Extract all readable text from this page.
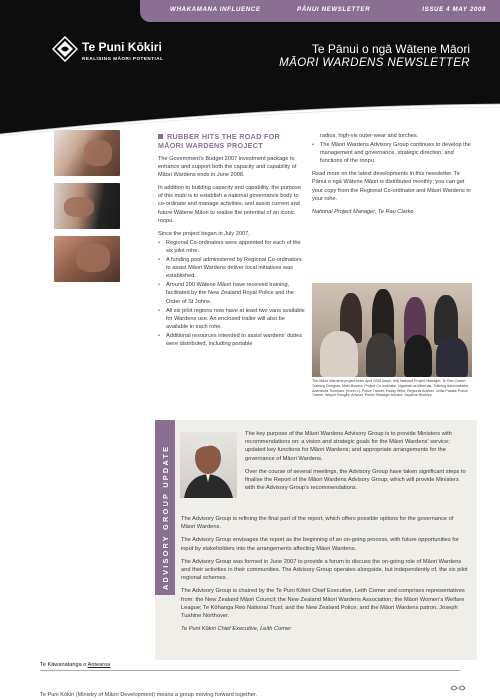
WHAKAMANA INFLUENCE	PĀNUI NEWSLETTER	ISSUE 4 MAY 2008
Te Puni Kōkiri
REALISING MĀORI POTENTIAL
Te Pānui o ngā Wātene Māori
MĀORI WARDENS NEWSLETTER
RUBBER HITS THE ROAD FOR MĀORI WARDENS PROJECT

The Government's Budget 2007 investment package to enhance and support both the capacity and capability of Māori Wardens ends in June 2008.

In addition to building capacity and capability, the purpose of this mahi is to establish a national governance body to co-ordinate and manage activities, and assist current and future Wātene Māori to realise the potential of an iconic roopu.

Since the project began in July 2007,

• Regional Co-ordinators were appointed for each of the six pilot rohe.
• A funding pool administered by Regional Co-ordinators to assist Māori Wardens deliver local initiatives was established.
• Around 200 Wātene Māori have received training, facilitated by the New Zealand Royal Police and the Order of St Johns.
• All six pilot regions now have at least two vans available for Wardens use. An enclosed trailer will also be available in each rohe.
• Additional resources intended to assist wardens' duties were distributed, including portable

radios, high-vis outer-wear and torches.

• The Māori Wardens Advisory Group continues to develop the management and governance, strategic direction, and functions of the roopu.

Read more on the latest developments in this newsletter. Te Pānui o ngā Wātene Māori is distributed monthly; you can get your copy from the Regional Co-ordinator and Māori Wardens in your rohe.

National Project Manager, Te Rau Clarke

The Māori Wardens project team April 2008 (back, left) National Project Manager, Te Rau Clarke; Training Designer, Mahi Buoma; Project Co-ordinator, Ngahuia ua Mkernas, Training Administrator, Adenekea Tinomaru. (front l-r): Police Trainer, Paddy Whiu; Regional Adviser, Urbia Parata; Police Trainer, Wayne Rangihi; Adviser, Police Strategic Advisor, Jaydene Buckley.
ADVISORY GROUP UPDATE

The key purpose of the Māori Wardens Advisory Group is to provide Ministers with recommendations on: a vision and strategic goals for the Māori Wardens' service; updated key functions for Māori Wardens; and appropriate arrangements for the governance of Māori Wardens.

Over the course of several meetings, the Advisory Group have taken significant steps to finalise the Report of the Māori Wardens Advisory Group, which will provide Ministers with the Advisory Group's recommendations.

The Advisory Group is refining the final part of the report, which offers possible options for the governance of Māori Wardens.

The Advisory Group envisages the report as the beginning of an on-going process, with future opportunities for input by stakeholders into the arrangements affecting Māori Wardens.

The Advisory Group was formed in June 2007 to provide a forum to discuss the on-going role of Māori Wardens and their activities in their communities. The Advisory Group operates alongside, but independently of, the six pilot regional schemes.

The Advisory Group is chaired by the Te Puni Kōkiri Chief Executive, Leith Comer and comprises representatives from: the New Zealand Māori Council; the New Zealand Māori Wardens Association; the Māori Women's Welfare League; Te Kōhanga Reo National Trust; and the New Zealand Police; and the Māori Wardens patron, Joseph Tuahine Northover.

Te Puni Kōkiri Chief Executive, Leith Comer

Te Kāwanatanga o Aotearoa
Te Puni Kōkiri (Ministry of Māori Development) means a group moving forward together.
